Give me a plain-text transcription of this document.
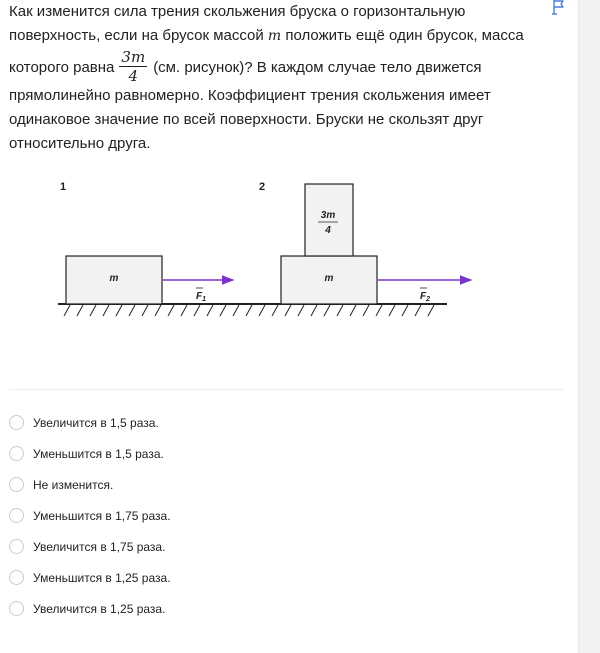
Как изменится сила трения скольжения бруска о горизонтальную
поверхность, если на брусок массой m положить ещё один брусок, масса
которого равна $\frac{3m}{4} (см$. рисунок)? В каждом случае тело движется
прямолинейно равномерно. Коэффициент трения скольжения имеет
одинаковое значение по всей поверхности. Бруски не скользят друг
относительно друга.
1	2
m
$F_1$
m
3m
4
$F_2$
Увеличится в 1,5 раза.
Уменьшится в 1,5 раза.
Не изменится.
Уменьшится в 1,75 раза.
Увеличится в 1,75 раза.
Уменьшится в 1,25 раза.
Увеличится в 1,25 раза.
